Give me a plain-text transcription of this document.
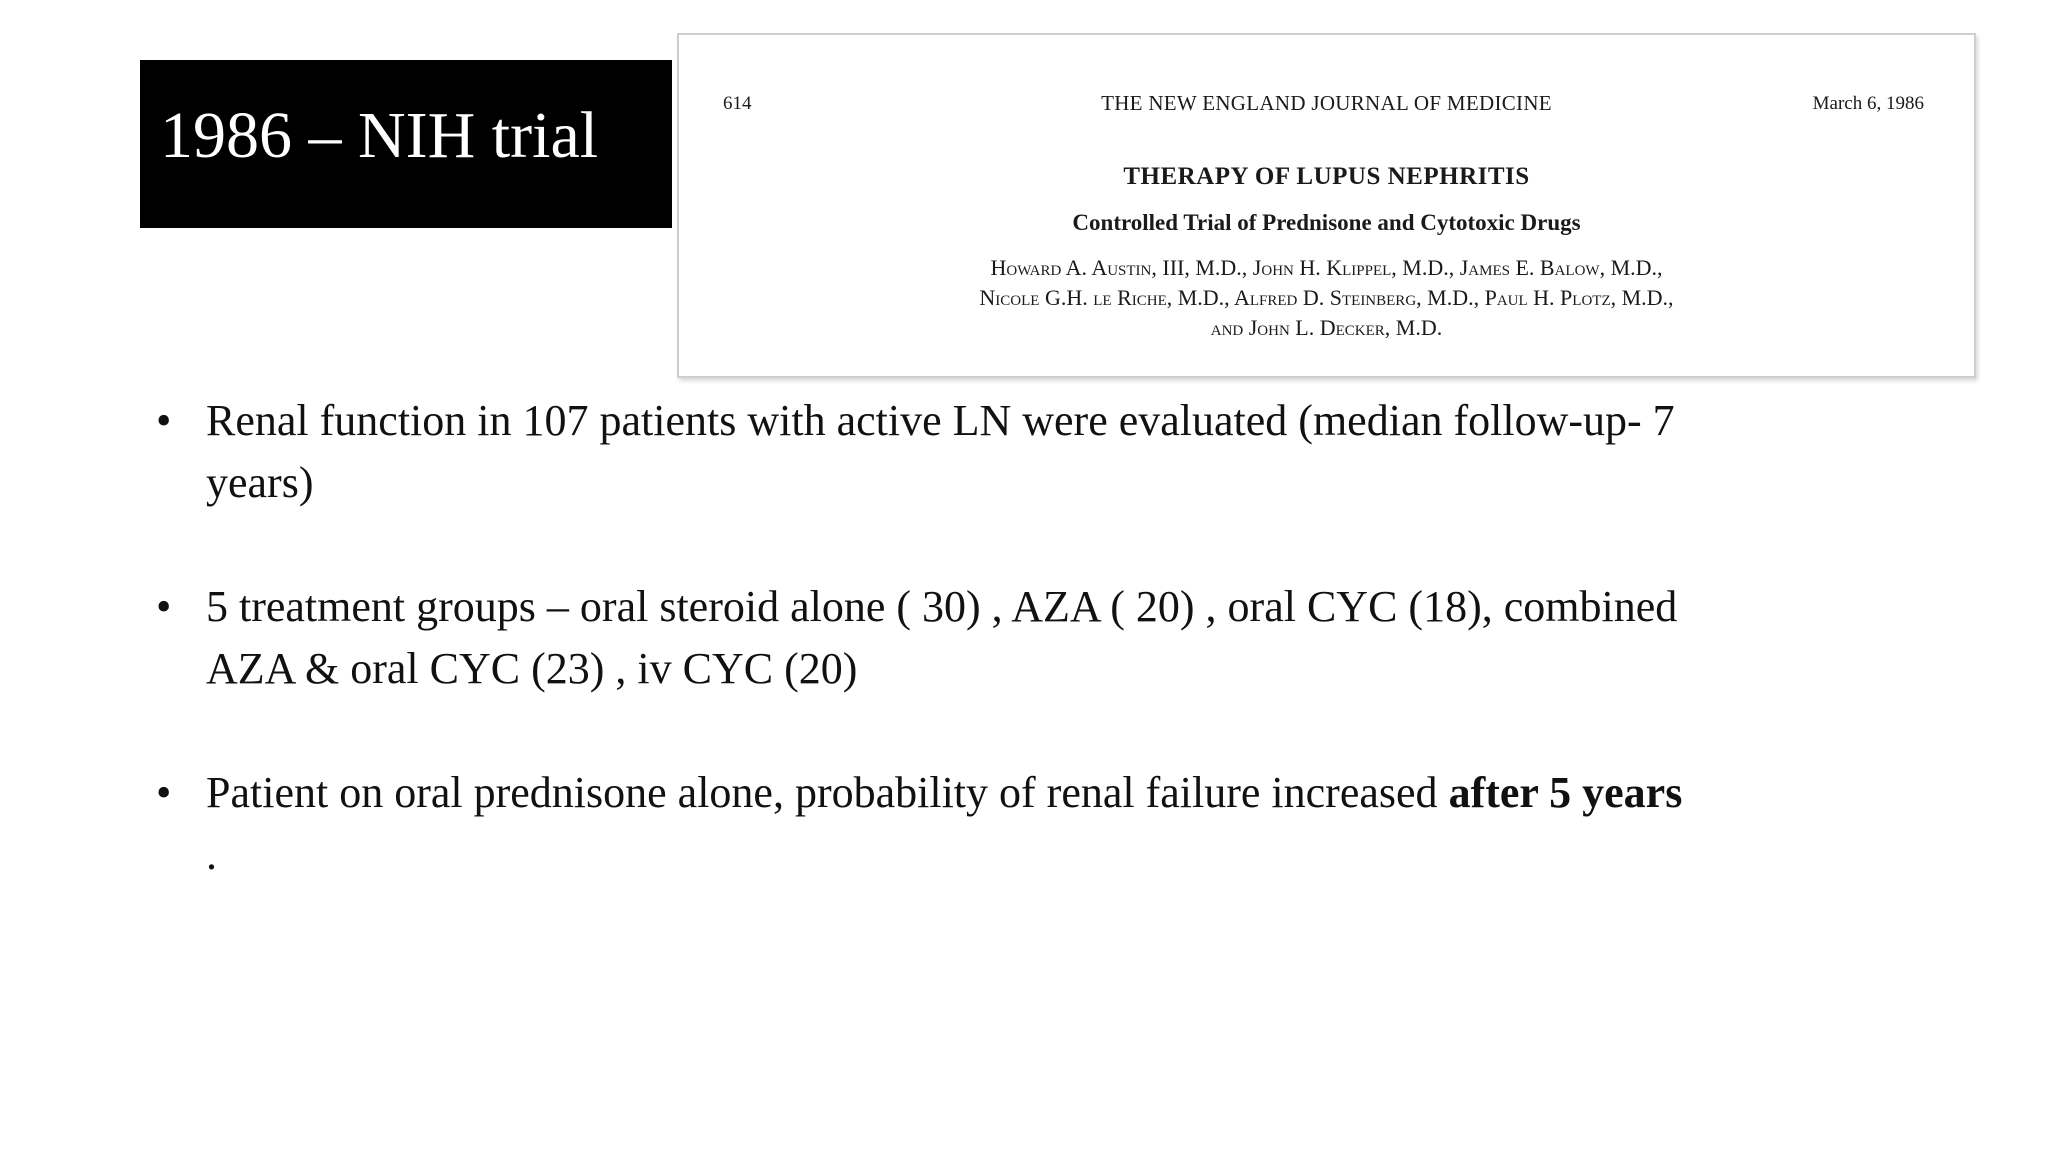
1986 – NIH trial	614	THE NEW ENGLAND JOURNAL OF MEDICINE	March 6, 1986
THERAPY OF LUPUS NEPHRITIS
Controlled Trial of Prednisone and Cytotoxic Drugs
Howard A. Austin, III, M.D., John H. Klippel, M.D., James E. Balow, M.D.,
Nicole G.H. le Riche, M.D., Alfred D. Steinberg, M.D., Paul H. Plotz, M.D.,
and John L. Decker, M.D.
• Renal function in 107 patients with active LN were evaluated (median follow-up- 7
years)
• 5 treatment groups – oral steroid alone ( 30) , AZA ( 20) , oral CYC (18), combined
AZA & oral CYC (23) , iv CYC (20)
• Patient on oral prednisone alone, probability of renal failure increased after 5 years
.
